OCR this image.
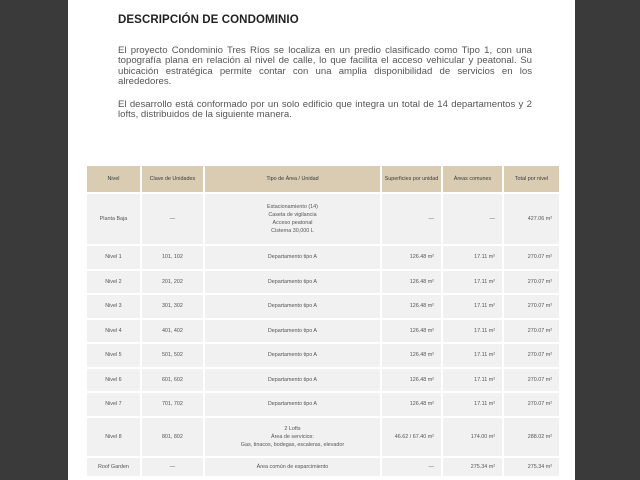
DESCRIPCIÓN DE CONDOMINIO

El proyecto Condominio Tres Ríos se localiza en un predio clasificado como Tipo 1, con una topografía plana en relación al nivel de calle, lo que facilita el acceso vehicular y peatonal. Su ubicación estratégica permite contar con una amplia disponibilidad de servicios en los alrededores.

El desarrollo está conformado por un solo edificio que integra un total de 14 departamentos y 2 lofts, distribuidos de la siguiente manera.

Nivel	Clave de Unidades	Tipo de Área / Unidad	Superficies por unidad	Áreas comunes	Total por nivel
Planta Baja	—	Estacionamiento (14)
Caseta de vigilancia
Acceso peatonal
Cisterna 30,000 L	—	—	427.06 m²
Nivel 1	101, 102	Departamento tipo A	126.48 m²	17.11 m²	270.07 m²
Nivel 2	201, 202	Departamento tipo A	126.48 m²	17.11 m²	270.07 m²
Nivel 3	301, 302	Departamento tipo A	126.48 m²	17.11 m²	270.07 m²
Nivel 4	401, 402	Departamento tipo A	126.48 m²	17.11 m²	270.07 m²
Nivel 5	501, 502	Departamento tipo A	126.48 m²	17.11 m²	270.07 m²
Nivel 6	601, 602	Departamento tipo A	126.48 m²	17.11 m²	270.07 m²
Nivel 7	701, 702	Departamento tipo A	126.48 m²	17.11 m²	270.07 m²
Nivel 8	801, 802	2 Lofts
Área de servicios:
Gas, tinacos, bodegas, escaleras, elevador	46.62 / 67.40 m²	174.00 m²	288.02 m²
Roof Garden	—	Área común de esparcimiento	—	275.34 m²	275.34 m²
